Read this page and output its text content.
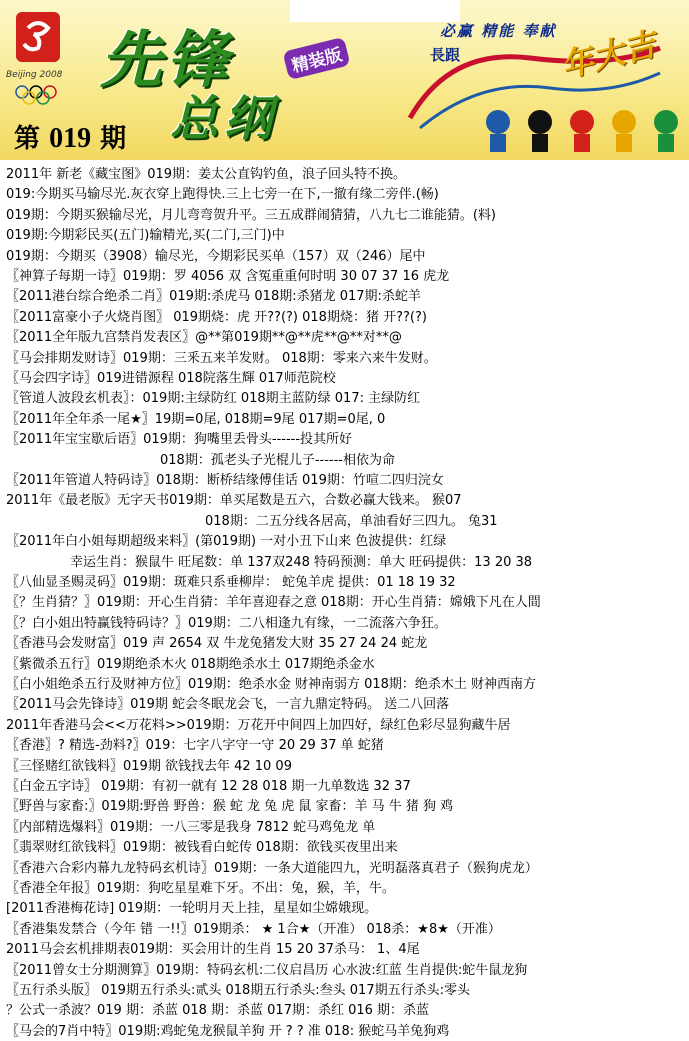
Beijing 2008 先锋	精装版
总纲
必赢 精能 奉献
長跟	年大吉
第 019 期
2011年 新老《藏宝图》019期：姜太公直钩钓鱼，浪子回头特不换。
019:今期买马输尽光.灰衣穿上跑得快.三上七旁一在下,一撤有缘二旁伴.(畅)
019期：今期买猴输尽光，月儿弯弯贺升平。三五成群闹猜猜，八九七二谁能猜。(料)
019期:今期彩民买(五门)输精光,买(二门,三门)中
019期：今期买（3908）输尽光，今期彩民买单（157）双（246）尾中
〖神算子每期一诗〗019期：罗 4056 双 含冤重重何时明 30 07 37 16 虎龙
〖2011港台综合绝杀二肖〗019期:杀虎马 018期:杀猪龙 017期:杀蛇羊
〖2011富豪小子火烧肖图〗 019期烧：虎 开??(?) 018期烧：猪 开??(?)
〖2011全年版九宫禁肖发表区〗@**第019期**@**虎**@**对**@
〖马会排期发财诗〗019期：三釆五来羊发财。 018期：零来六来牛发财。
〖马会四字诗〗019进错源程 018院落生輝 017师范院校
〖管道人波段玄机表〗：019期:主绿防红 018期主蓝防绿 017: 主绿防红
〖2011年全年杀一尾★〗19期=0尾, 018期=9尾 017期=0尾, 0
〖2011年宝宝歇后语〗019期：狗嘴里丢骨头------投其所好
018期：孤老头子光棍儿子------相依为命
〖2011年管道人特码诗〗018期：断桥结缘傅佳话 019期：竹喧二四归浣女
2011年《最老版》无字天书019期：单买尾数是五六，合数必赢大钱来。 猴07
018期：二五分线各居高，单油看好三四九。 兔31
〖2011年白小姐每期超级来料〗(第019期) 一对小丑下山来 色波提供：红绿
幸运生肖：猴鼠牛 旺尾数：单 137双248 特码预测：单大 旺码提供：13 20 38
〖八仙显圣赐灵码〗019期：斑难只系垂柳岸： 蛇兔羊虎 提供：01 18 19 32
〖？生肖猜？〗019期：开心生肖猜：羊年喜迎春之意 018期：开心生肖猜：嫦娥下凡在人間
〖？白小姐出特赢钱特码诗？〗019期：二八相逢九有缘，一二流落六争狂。
〖香港马会发财富〗019 声 2654 双 牛龙兔猪发大财 35 27 24 24 蛇龙
〖紫微杀五行〗019期绝杀木火 018期绝杀水土 017期绝杀金水
〖白小姐绝杀五行及财神方位〗019期：绝杀水金 财神南弱方 018期：绝杀木土 财神西南方
〖2011马会先锋诗〗019期 蛇会冬眠龙会飞，一言九鼎定特码。 送二八回落
2011年香港马会<<万花料>>019期：万花开中间四上加四好，绿红色彩尽显狗藏牛居
〖香港〗? 精选-劲料?〗019：七字八字守一守 20 29 37 单 蛇猪
〖三怪赌红欲钱料〗019期 欲钱找去年 42 10 09
〖白金五字诗〗 019期：有初一就有 12 28 018 期一九单数选 32 37
〖野兽与家畜:〗019期:野兽 野兽：猴 蛇 龙 兔 虎 鼠 家畜：羊 马 牛 猪 狗 鸡
〖内部精选爆料〗019期：一八三零是我身 7812 蛇马鸡兔龙 单
〖翡翠财红欲钱料〗019期：被钱看白蛇传 018期：欲钱买夜里出来
〖香港六合彩内幕九龙特码玄机诗〗019期：一条大道能四九，光明磊落真君子（猴狗虎龙）
〖香港全年报〗019期：狗吃星星难下牙。不出：兔，猴，羊，牛。
[2011香港梅花诗] 019期：一轮明月天上挂，星星如尘嫦娥现。
〖香港集发禁合（今年 错 一!!〗019期杀： ★ 1合★（开准） 018杀：★8★（开准）
2011马会玄机排期表019期：买会用计的生肖 15 20 37杀马： 1、4尾
〖2011曾女士分期测算〗019期：特码玄机:二仪启昌历 心水波:红蓝 生肖提供:蛇牛鼠龙狗
〖五行杀头版〗 019期五行杀头:贰头 018期五行杀头:叁头 017期五行杀头:零头
？公式一杀波？019 期：杀蓝 018 期：杀蓝 017期：杀红 016 期：杀蓝
〖马会的7肖中特〗019期:鸡蛇兔龙猴鼠羊狗 开 ? ? 准 018: 猴蛇马羊兔狗鸡
